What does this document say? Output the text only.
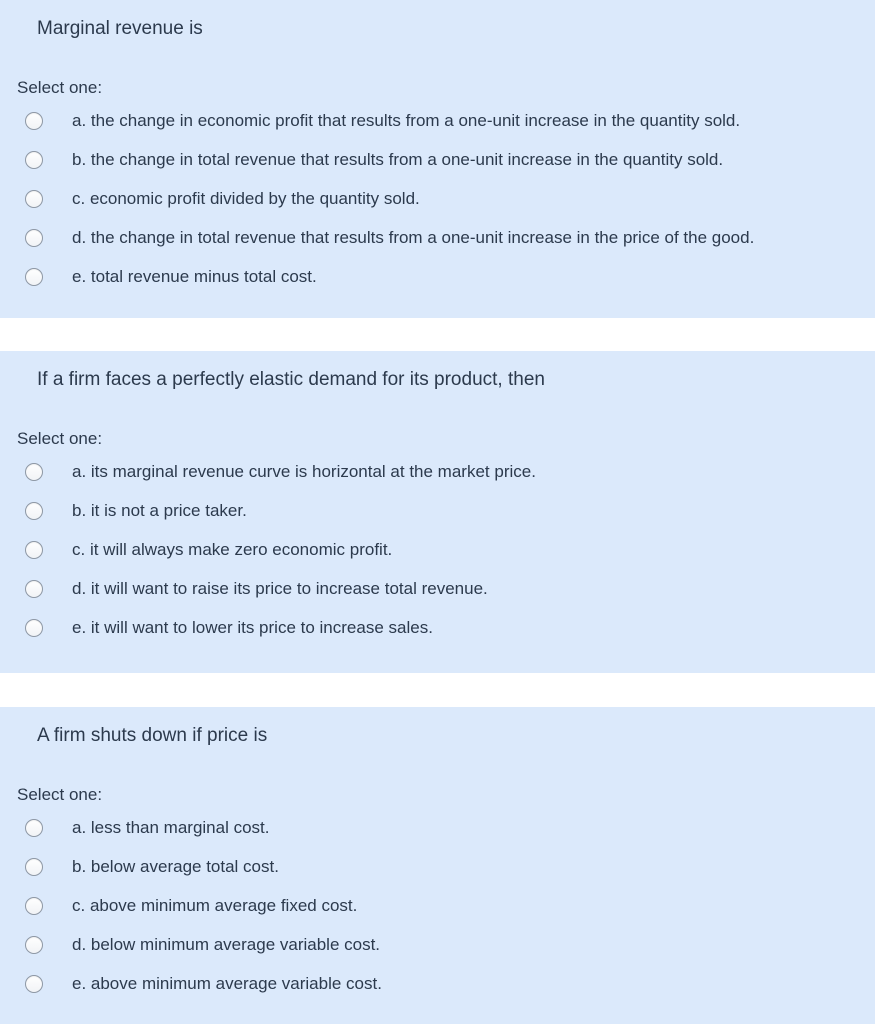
Marginal revenue is
Select one:
a. the change in economic profit that results from a one-unit increase in the quantity sold.
b. the change in total revenue that results from a one-unit increase in the quantity sold.
c. economic profit divided by the quantity sold.
d. the change in total revenue that results from a one-unit increase in the price of the good.
e. total revenue minus total cost.
If a firm faces a perfectly elastic demand for its product, then
Select one:
a. its marginal revenue curve is horizontal at the market price.
b. it is not a price taker.
c. it will always make zero economic profit.
d. it will want to raise its price to increase total revenue.
e. it will want to lower its price to increase sales.
A firm shuts down if price is
Select one:
a. less than marginal cost.
b. below average total cost.
c. above minimum average fixed cost.
d. below minimum average variable cost.
e. above minimum average variable cost.
